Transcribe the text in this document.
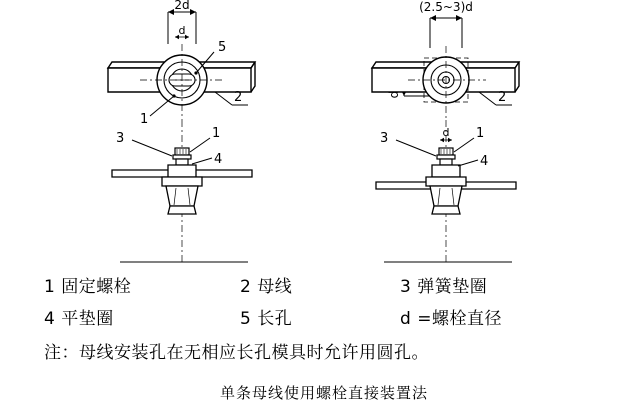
2d
d
5
2
1
3	1
4
(2.5~3)d
2
d
3	1
4
1 固定螺栓	2 母线	3 弹簧垫圈
4 平垫圈	5 长孔	d =螺栓直径
注：母线安装孔在无相应长孔模具时允许用圆孔。
单条母线使用螺栓直接装置法
